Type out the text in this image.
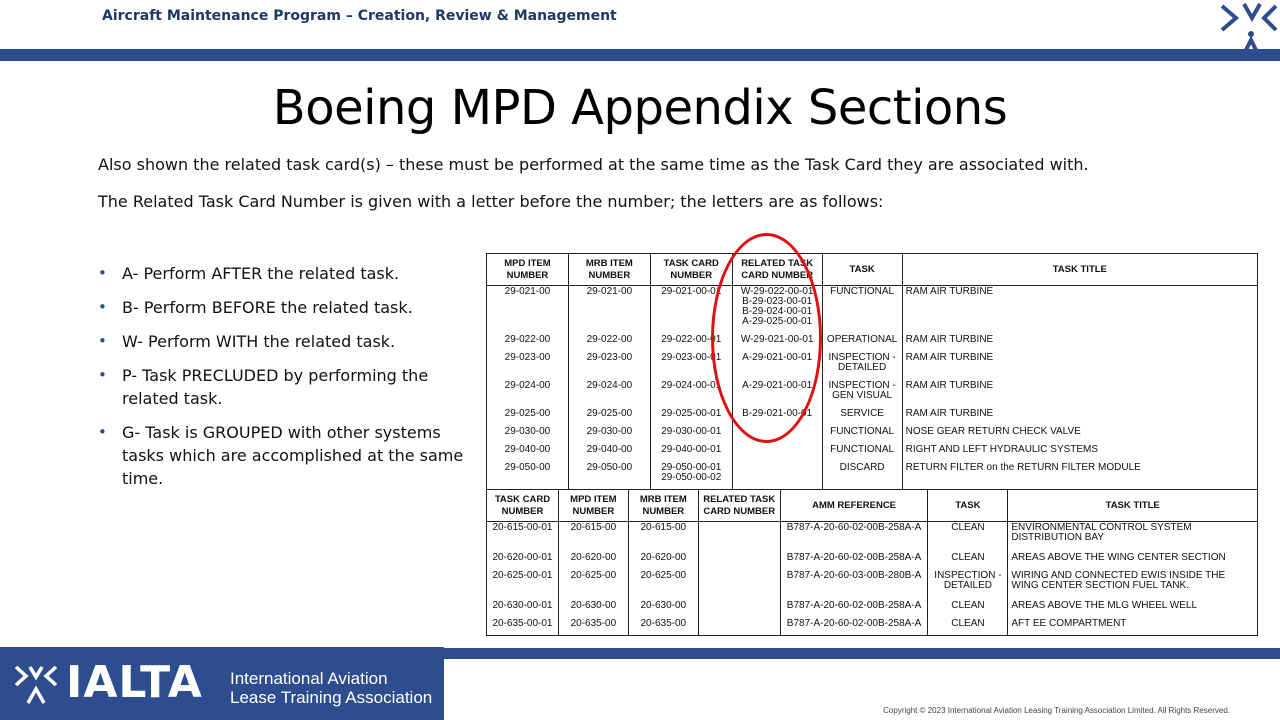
Aircraft Maintenance Program – Creation, Review & Management
Boeing MPD Appendix Sections
Also shown the related task card(s) – these must be performed at the same time as the Task Card they are associated with.
The Related Task Card Number is given with a letter before the number; the letters are as follows:
• A- Perform AFTER the related task.
• B- Perform BEFORE the related task.
• W- Perform WITH the related task.
• P- Task PRECLUDED by performing the related task.
• G- Task is GROUPED with other systems tasks which are accomplished at the same time.
MPD ITEM NUMBER	MRB ITEM NUMBER	TASK CARD NUMBER	RELATED TASK CARD NUMBER	TASK	TASK TITLE
29-021-00	29-021-00	29-021-00-01	W-29-022-00-01
B-29-023-00-01
B-29-024-00-01
A-29-025-00-01	FUNCTIONAL	RAM AIR TURBINE
29-022-00	29-022-00	29-022-00-01	W-29-021-00-01	OPERATIONAL	RAM AIR TURBINE
29-023-00	29-023-00	29-023-00-01	A-29-021-00-01	INSPECTION - DETAILED	RAM AIR TURBINE
29-024-00	29-024-00	29-024-00-01	A-29-021-00-01	INSPECTION - GEN VISUAL	RAM AIR TURBINE
29-025-00	29-025-00	29-025-00-01	B-29-021-00-01	SERVICE	RAM AIR TURBINE
29-030-00	29-030-00	29-030-00-01		FUNCTIONAL	NOSE GEAR RETURN CHECK VALVE
29-040-00	29-040-00	29-040-00-01		FUNCTIONAL	RIGHT AND LEFT HYDRAULIC SYSTEMS
29-050-00	29-050-00	29-050-00-01
29-050-00-02		DISCARD	RETURN FILTER on the RETURN FILTER MODULE
TASK CARD NUMBER	MPD ITEM NUMBER	MRB ITEM NUMBER	RELATED TASK CARD NUMBER	AMM REFERENCE	TASK	TASK TITLE
20-615-00-01	20-615-00	20-615-00		B787-A-20-60-02-00B-258A-A	CLEAN	ENVIRONMENTAL CONTROL SYSTEM DISTRIBUTION BAY
20-620-00-01	20-620-00	20-620-00		B787-A-20-60-02-00B-258A-A	CLEAN	AREAS ABOVE THE WING CENTER SECTION
20-625-00-01	20-625-00	20-625-00		B787-A-20-60-03-00B-280B-A	INSPECTION - DETAILED	WIRING AND CONNECTED EWIS INSIDE THE WING CENTER SECTION FUEL TANK.
20-630-00-01	20-630-00	20-630-00		B787-A-20-60-02-00B-258A-A	CLEAN	AREAS ABOVE THE MLG WHEEL WELL
20-635-00-01	20-635-00	20-635-00		B787-A-20-60-02-00B-258A-A	CLEAN	AFT EE COMPARTMENT
IALTA International Aviation
Lease Training Association
Copyright © 2023 International Aviation Leasing Training Association Limited. All Rights Reserved.
